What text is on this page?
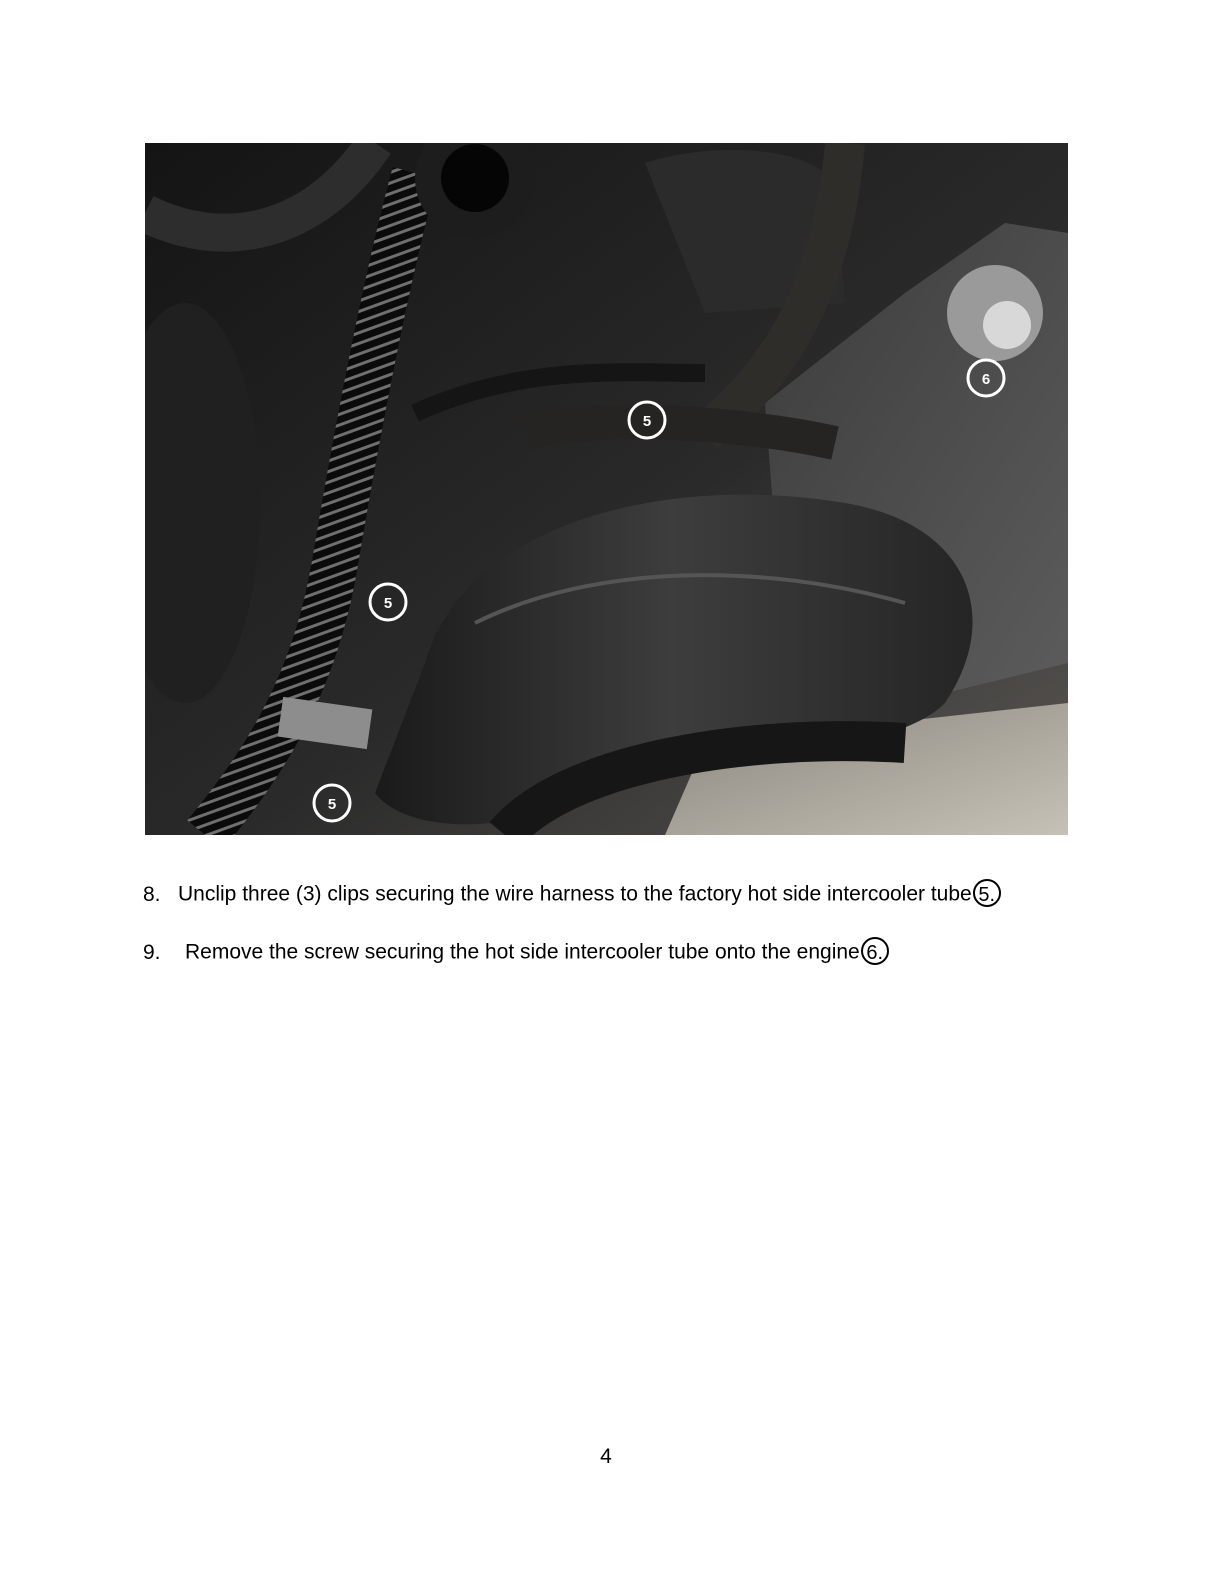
5
5
5
6
8. Unclip three (3) clips securing the wire harness to the factory hot side intercooler tube 5.
9. Remove the screw securing the hot side intercooler tube onto the engine 6.
4
